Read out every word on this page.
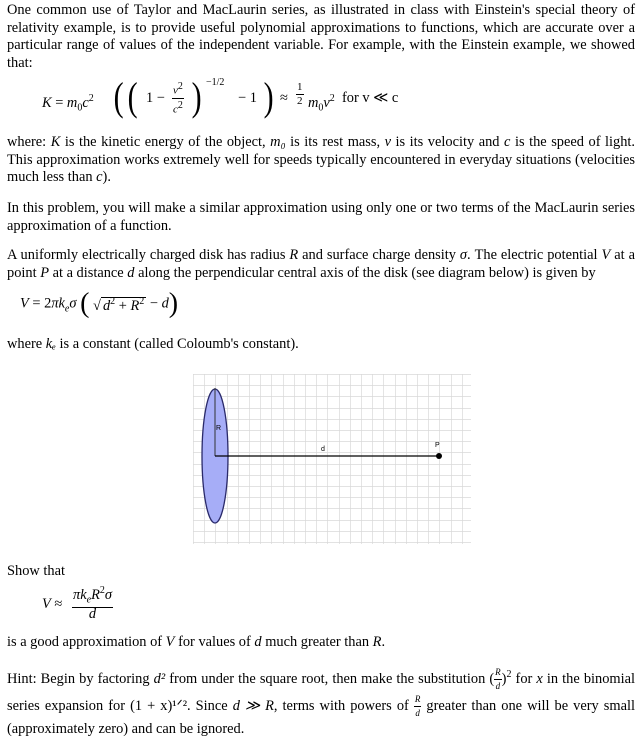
One common use of Taylor and MacLaurin series, as illustrated in class with Einstein's special theory of relativity example, is to provide useful polynomial approximations to functions, which are accurate over a particular range of values of the independent variable. For example, with the Einstein example, we showed that:

$K = m_0c^2$ ( ( $1 - \frac{v^2}{c^2}$ ) −1/2
− 1 ) ≈ $\frac{1}{2} m_0v^2$ for v ≪ c

where: K is the kinetic energy of the object, m₀ is its rest mass, v is its velocity and c is the speed of light. This approximation works extremely well for speeds typically encountered in everyday situations (velocities much less than c).

In this problem, you will make a similar approximation using only one or two terms of the MacLaurin series approximation of a function.

A uniformly electrically charged disk has radius R and surface charge density σ. The electric potential V at a point P at a distance d along the perpendicular central axis of the disk (see diagram below) is given by

$V = 2\pi k_e\sigma$ ( √ $d^2 + R^2 - d$)

where kₑ is a constant (called Coloumb's constant).

R
d
P
Show that
V ≈
$\pi k_eR^2\sigma$
d

is a good approximation of V for values of d much greater than R.

Hint: Begin by factoring d² from under the square root, then make the substitution ( $\frac{R}{d} )^2$ for x in the binomial series expansion for (1 + x)¹ᐟ². Since d ≫ R, terms with powers of $\frac{R}{d}$ greater than one will be very small (approximately zero) and can be ignored.
